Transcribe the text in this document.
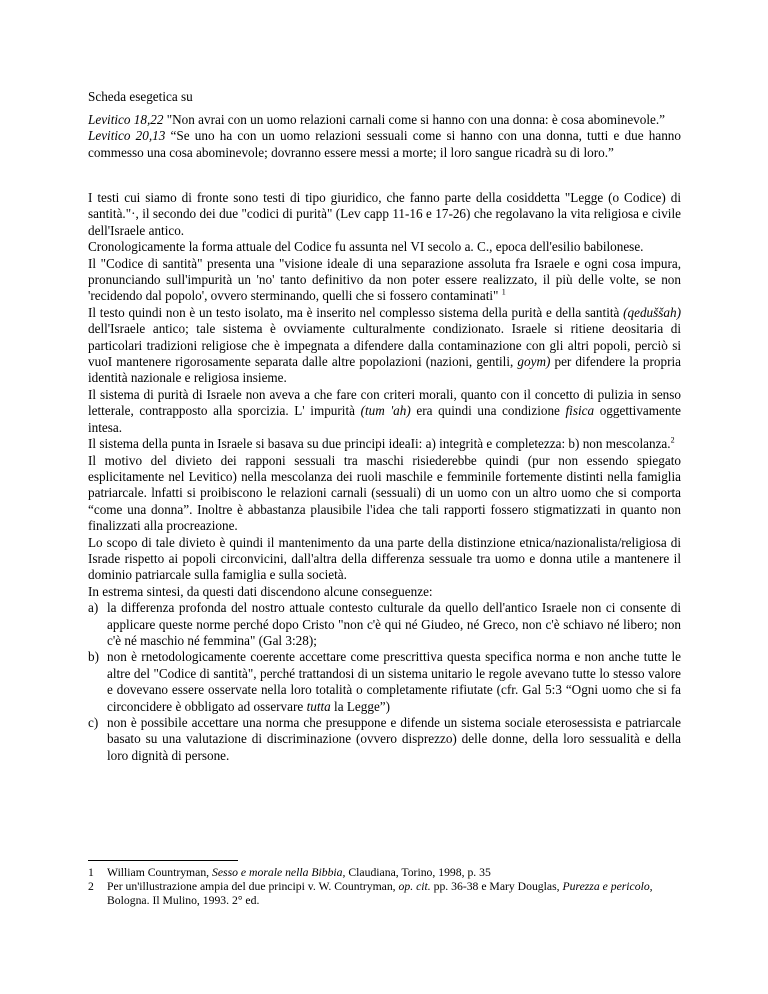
Scheda esegetica su

Levitico 18,22 "Non avrai con un uomo relazioni carnali come si hanno con una donna: è cosa abominevole.”

Levitico 20,13 “Se uno ha con un uomo relazioni sessuali come si hanno con una donna, tutti e due hanno commesso una cosa abominevole; dovranno essere messi a morte; il loro sangue ricadrà su di loro.”

I testi cui siamo di fronte sono testi di tipo giuridico, che fanno parte della cosiddetta "Legge (o Codice) di santità."·, il secondo dei due "codici di purità" (Lev capp 11-16 e 17-26) che regolavano la vita religiosa e civile dell'Israele antico.

Cronologicamente la forma attuale del Codice fu assunta nel VI secolo a. C., epoca dell'esilio babilonese.

Il "Codice di santità" presenta una "visione ideale di una separazione assoluta fra Israele e ogni cosa impura, pronunciando sull'impurità un 'no' tanto definitivo da non poter essere realizzato, il più delle volte, se non 'recidendo dal popolo', ovvero sterminando, quelli che si fossero contaminati" $^1$

Il testo quindi non è un testo isolato, ma è inserito nel complesso sistema della purità e della santità (qeduššah) dell'Israele antico; tale sistema è ovviamente culturalmente condizionato. Israele si ritiene deositaria di particolari tradizioni religiose che è impegnata a difendere dalla contaminazione con gli altri popoli, perciò si vuoI mantenere rigorosamente separata dalle altre popolazioni (nazioni, gentili, goym) per difendere la propria identità nazionale e religiosa insieme.

Il sistema di purità di Israele non aveva a che fare con criteri morali, quanto con il concetto di pulizia in senso letterale, contrapposto alla sporcizia. L' impurità (tum 'ah) era quindi una condizione fisica oggettivamente intesa.

Il sistema della punta in Israele si basava su due principi ideaIi: a) integrità e completezza: b) non mescolanza.$^2$

Il motivo del divieto dei rapponi sessuali tra maschi risiederebbe quindi (pur non essendo spiegato esplicitamente nel Levitico) nella mescolanza dei ruoli maschile e femminile fortemente distinti nella famiglia patriarcale. lnfatti si proibiscono le relazioni carnali (sessuali) di un uomo con un altro uomo che si comporta “come una donna”. Inoltre è abbastanza plausibile l'idea che tali rapporti fossero stigmatizzati in quanto non finalizzati alla procreazione.

Lo scopo di tale divieto è quindi il mantenimento da una parte della distinzione etnica/nazionalista/religiosa di Israde rispetto ai popoli circonvicini, dall'altra della differenza sessuale tra uomo e donna utile a mantenere il dominio patriarcale sulla famiglia e sulla società.

In estrema sintesi, da questi dati discendono alcune conseguenze:

a) la differenza profonda del nostro attuale contesto culturale da quello dell'antico Israele non ci consente di applicare queste norme perché dopo Cristo "non c'è qui né Giudeo, né Greco, non c'è schiavo né libero; non c'è né maschio né femmina" (Gal 3:28);
b) non è rnetodologicamente coerente accettare come prescrittiva questa specifica norma e non anche tutte le altre del "Codice di santità", perché trattandosi di un sistema unitario le regole avevano tutte lo stesso valore e dovevano essere osservate nella loro totalità o completamente rifiutate (cfr. Gal 5:3 “Ogni uomo che si fa circoncidere è obbligato ad osservare tutta la Legge”)
c) non è possibile accettare una norma che presuppone e difende un sistema sociale eterosessista e patriarcale basato su una valutazione di discriminazione (ovvero disprezzo) delle donne, della loro sessualità e della loro dignità di persone.
1 William Countryman, Sesso e morale nella Bibbia, Claudiana, Torino, 1998, p. 35
2 Per un'illustrazione ampia del due principi v. W. Countryman, op. cit. pp. 36-38 e Mary Douglas, Purezza e pericolo, Bologna. Il Mulino, 1993. 2° ed.
